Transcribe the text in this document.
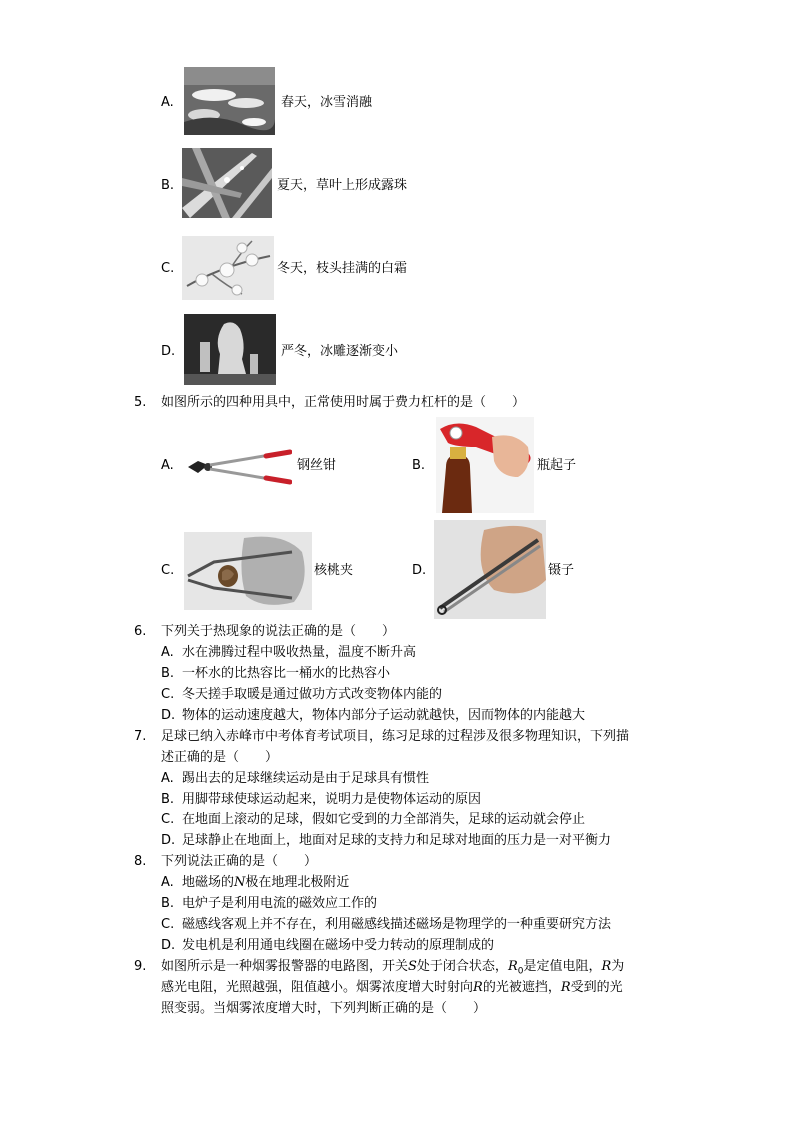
A.	春天，冰雪消融
B.	夏天，草叶上形成露珠
C.	冬天，枝头挂满的白霜
D.	严冬，冰雕逐渐变小
5. 如图所示的四种用具中，正常使用时属于费力杠杆的是（　　）
A.	钢丝钳	B.	瓶起子
C.	核桃夹	D.	镊子
6. 下列关于热现象的说法正确的是（　　）
A. 水在沸腾过程中吸收热量，温度不断升高
B. 一杯水的比热容比一桶水的比热容小
C. 冬天搓手取暖是通过做功方式改变物体内能的
D. 物体的运动速度越大，物体内部分子运动就越快，因而物体的内能越大
7. 足球已纳入赤峰市中考体育考试项目，练习足球的过程涉及很多物理知识，下列描
述正确的是（　　）
A. 踢出去的足球继续运动是由于足球具有惯性
B. 用脚带球使球运动起来，说明力是使物体运动的原因
C. 在地面上滚动的足球，假如它受到的力全部消失，足球的运动就会停止
D. 足球静止在地面上，地面对足球的支持力和足球对地面的压力是一对平衡力
8. 下列说法正确的是（　　）
A. 地磁场的N极在地理北极附近
B. 电炉子是利用电流的磁效应工作的
C. 磁感线客观上并不存在，利用磁感线描述磁场是物理学的一种重要研究方法
D. 发电机是利用通电线圈在磁场中受力转动的原理制成的
9. 如图所示是一种烟雾报警器的电路图，开关S处于闭合状态，$R_0$是定值电阻，R为
感光电阻，光照越强，阻值越小。烟雾浓度增大时射向R的光被遮挡，R受到的光
照变弱。当烟雾浓度增大时，下列判断正确的是（　　）
